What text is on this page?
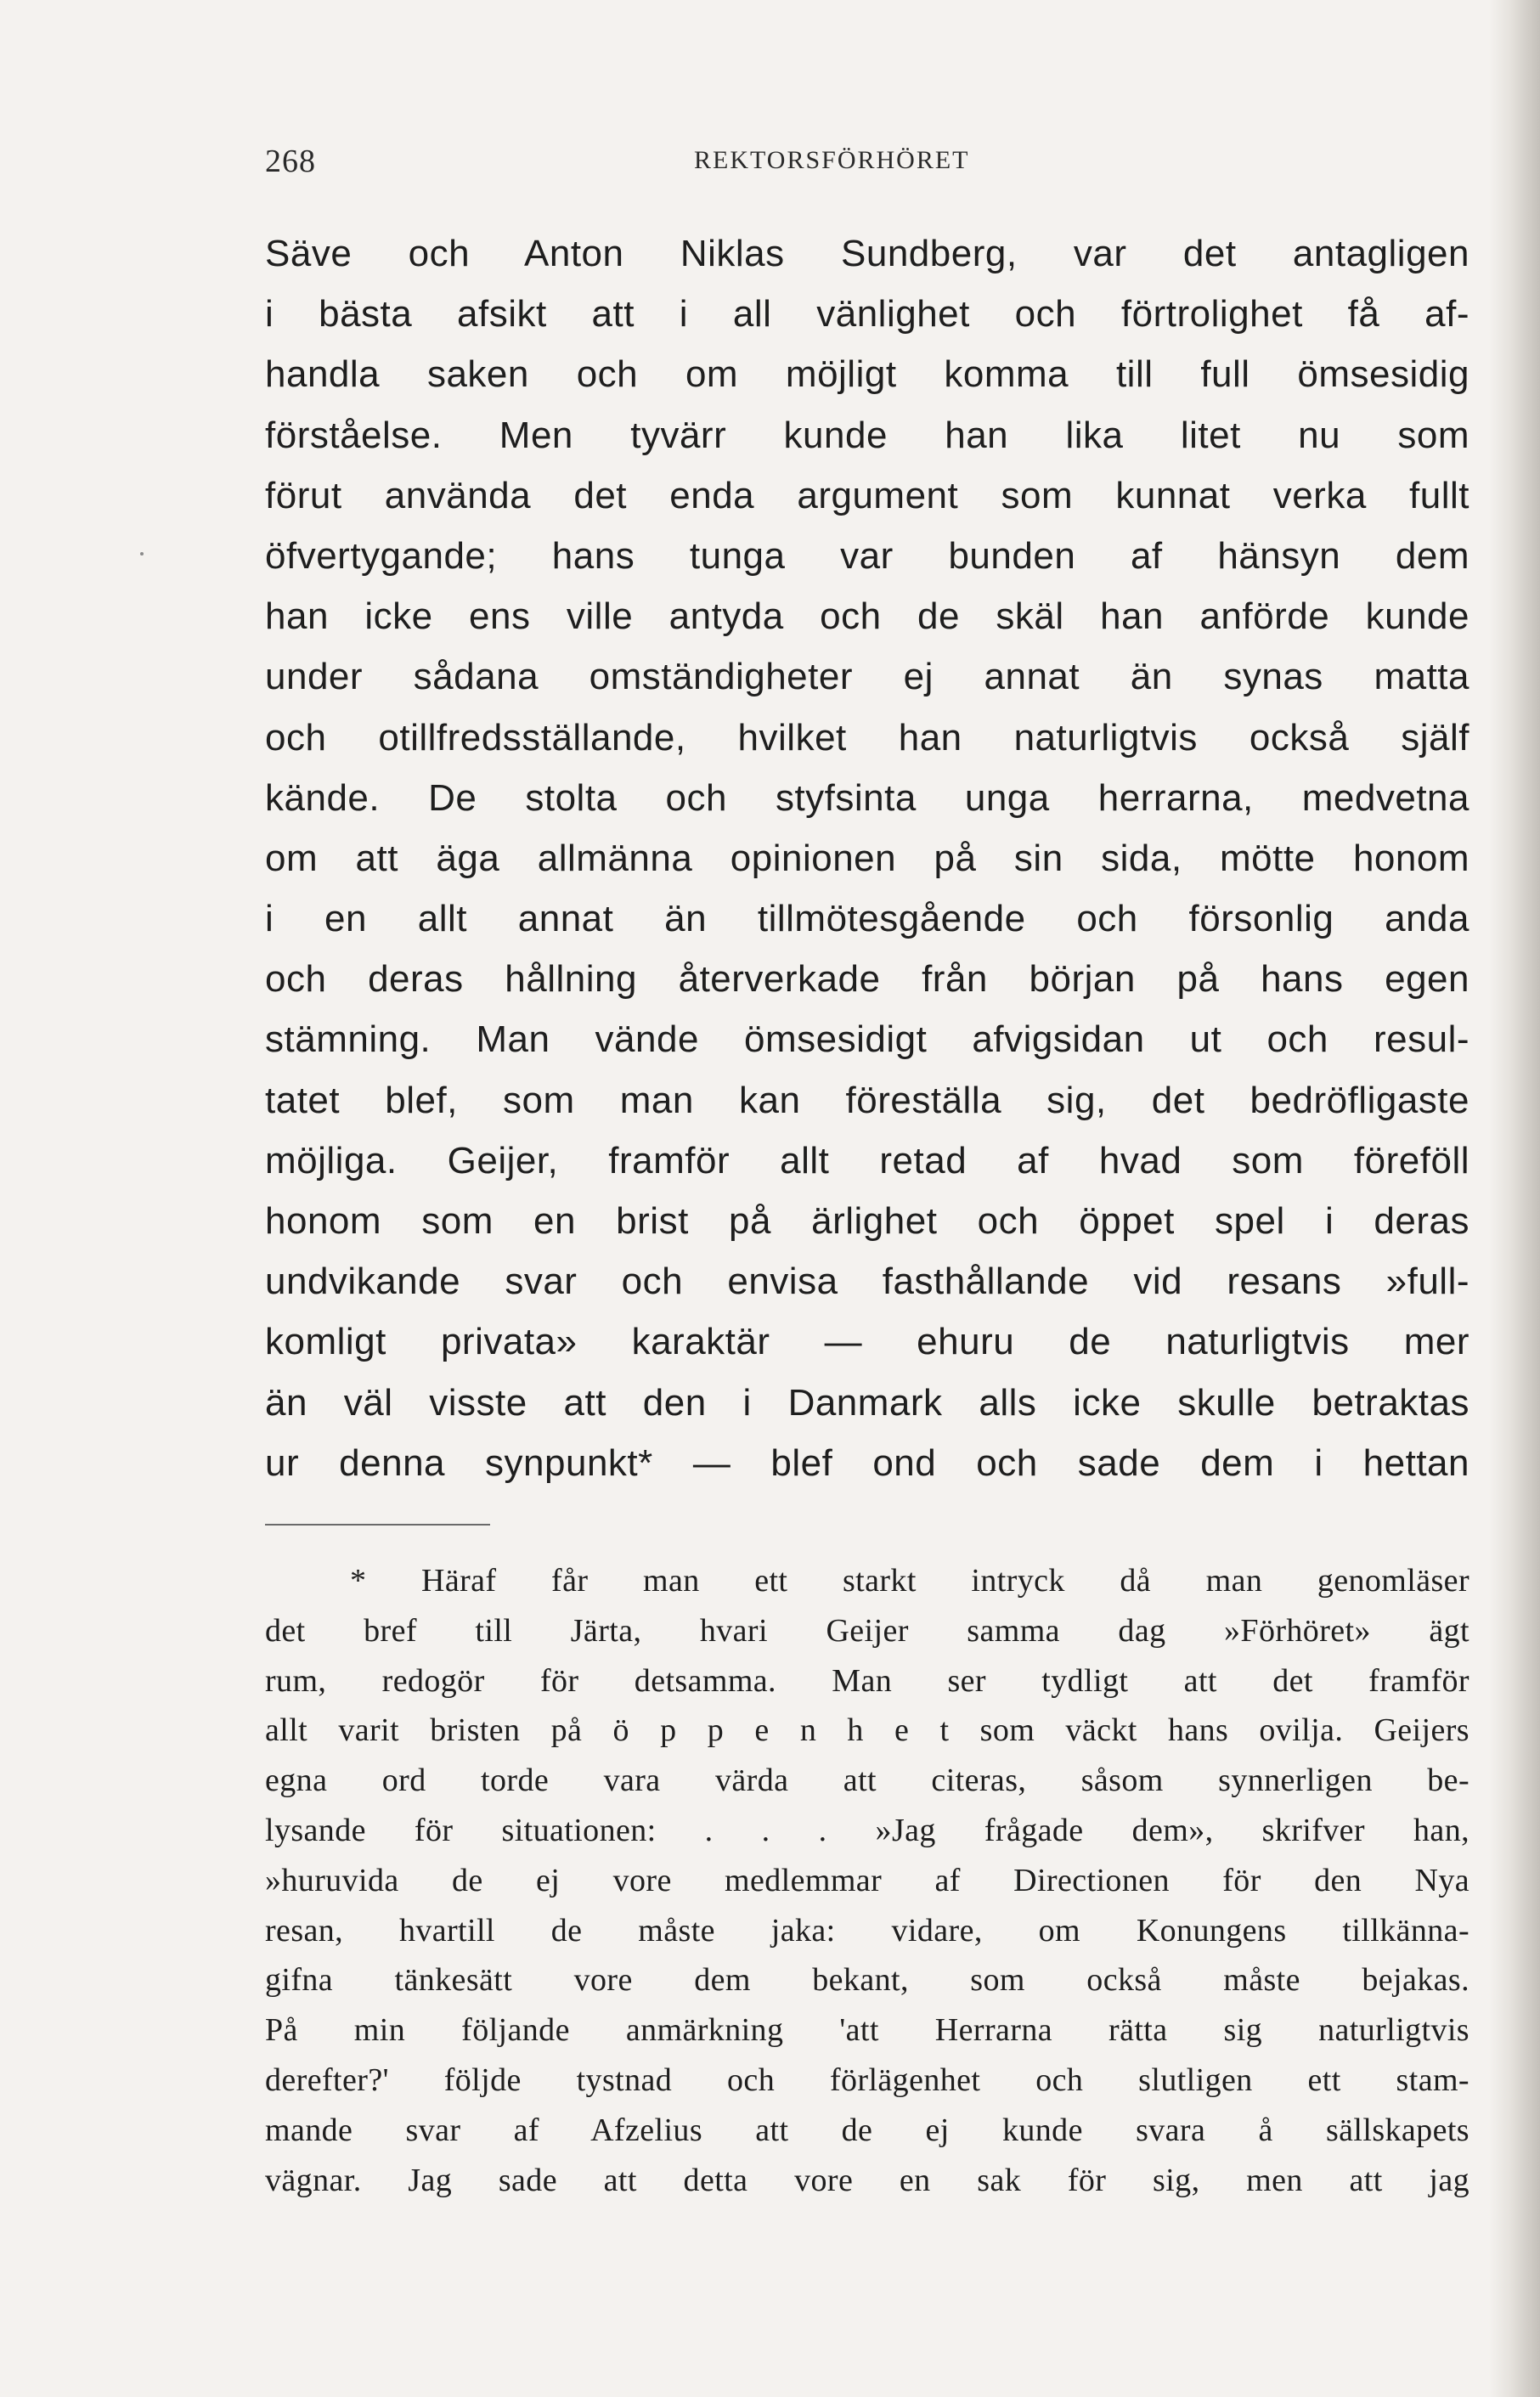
268	REKTORSFÖRHÖRET
Säve och Anton Niklas Sundberg, var det antagligen
i bästa afsikt att i all vänlighet och förtrolighet få af-
handla saken och om möjligt komma till full ömsesidig
förståelse. Men tyvärr kunde han lika litet nu som
förut använda det enda argument som kunnat verka fullt
öfvertygande; hans tunga var bunden af hänsyn dem
han icke ens ville antyda och de skäl han anförde kunde
under sådana omständigheter ej annat än synas matta
och otillfredsställande, hvilket han naturligtvis också själf
kände. De stolta och styfsinta unga herrarna, medvetna
om att äga allmänna opinionen på sin sida, mötte honom
i en allt annat än tillmötesgående och försonlig anda
och deras hållning återverkade från början på hans egen
stämning. Man vände ömsesidigt afvigsidan ut och resul-
tatet blef, som man kan föreställa sig, det bedröfligaste
möjliga. Geijer, framför allt retad af hvad som föreföll
honom som en brist på ärlighet och öppet spel i deras
undvikande svar och envisa fasthållande vid resans »full-
komligt privata» karaktär — ehuru de naturligtvis mer
än väl visste att den i Danmark alls icke skulle betraktas
ur denna synpunkt* — blef ond och sade dem i hettan
* Häraf får man ett starkt intryck då man genomläser
det bref till Järta, hvari Geijer samma dag »Förhöret» ägt
rum, redogör för detsamma. Man ser tydligt att det framför
allt varit bristen på ö p p e n h e t som väckt hans ovilja. Geijers
egna ord torde vara värda att citeras, såsom synnerligen be-
lysande för situationen: . . . »Jag frågade dem», skrifver han,
»huruvida de ej vore medlemmar af Directionen för den Nya
resan, hvartill de måste jaka: vidare, om Konungens tillkänna-
gifna tänkesätt vore dem bekant, som också måste bejakas.
På min följande anmärkning 'att Herrarna rätta sig naturligtvis
derefter?' följde tystnad och förlägenhet och slutligen ett stam-
mande svar af Afzelius att de ej kunde svara å sällskapets
vägnar. Jag sade att detta vore en sak för sig, men att jag
